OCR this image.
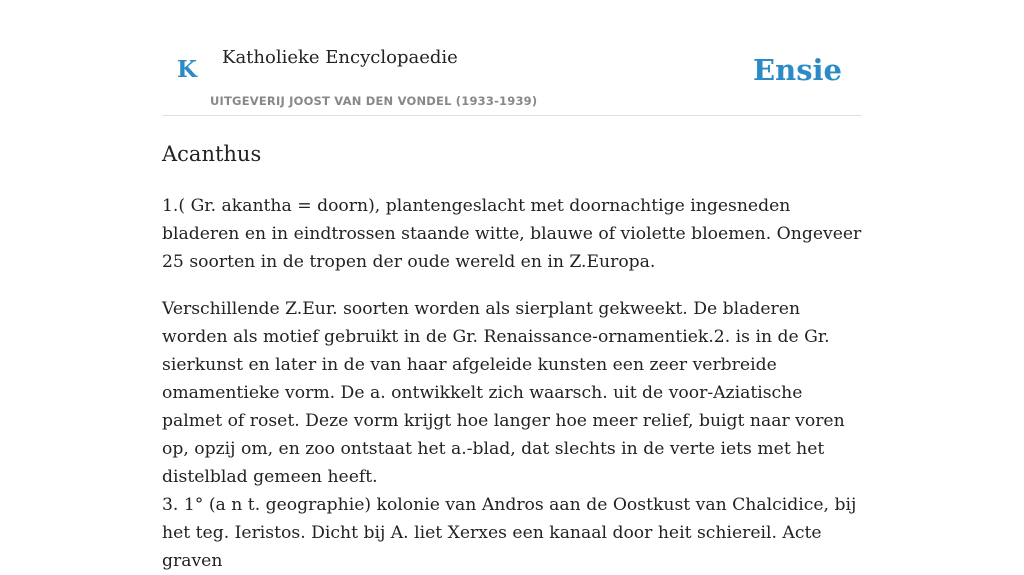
K Katholieke Encyclopaedie
UITGEVERIJ JOOST VAN DEN VONDEL (1933-1939)
Ensie
Acanthus

1.( Gr. akantha = doorn), plantengeslacht met doornachtige ingesneden bladeren en in eindtrossen staande witte, blauwe of violette bloemen. Ongeveer 25 soorten in de tropen der oude wereld en in Z.Europa.

Verschillende Z.Eur. soorten worden als sierplant gekweekt. De bladeren worden als motief gebruikt in de Gr. Renaissance-ornamentiek.2. is in de Gr. sierkunst en later in de van haar afgeleide kunsten een zeer verbreide omamentieke vorm. De a. ontwikkelt zich waarsch. uit de voor-Aziatische palmet of roset. Deze vorm krijgt hoe langer hoe meer relief, buigt naar voren op, opzij om, en zoo ontstaat het a.-blad, dat slechts in de verte iets met het distelblad gemeen heeft.

3. 1° (a n t. geographie) kolonie van Andros aan de Oostkust van Chalcidice, bij het teg. Ieristos. Dicht bij A. liet Xerxes een kanaal door heit schiereil. Acte graven
